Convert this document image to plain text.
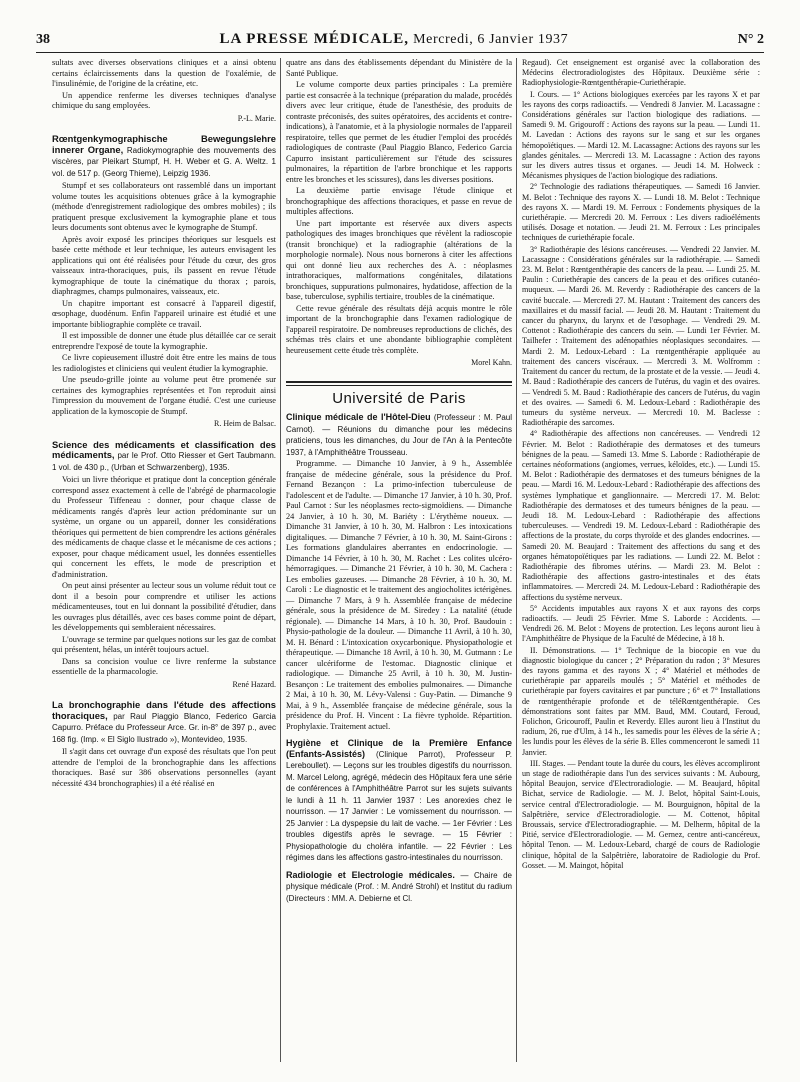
38	LA PRESSE MÉDICALE, Mercredi, 6 Janvier 1937	N° 2

sultats avec diverses observations cliniques et a ainsi obtenu certains éclaircissements dans la question de l'oxalémie, de l'insulinémie, de l'origine de la créatine, etc.

Un appendice renferme les diverses techniques d'analyse chimique du sang employées.

P.-L. Marie.

Rœntgenkymographische Bewegungslehre innerer Organe, Radiokymographie des mouvements des viscères, par Pleikart Stumpf, H. H. Weber et G. A. Weltz. 1 vol. de 517 p. (Georg Thieme), Leipzig 1936.

Stumpf et ses collaborateurs ont rassemblé dans un important volume toutes les acquisitions obtenues grâce à la kymographie (méthode d'enregistrement radiologique des ombres mobiles) ; ils pratiquent presque exclusivement la kymographie plane et tous leurs documents sont obtenus avec le kymographe de Stumpf.

Après avoir exposé les principes théoriques sur lesquels est basée cette méthode et leur technique, les auteurs envisagent les applications qui ont été réalisées pour l'étude du cœur, des gros vaisseaux intra-thoraciques, puis, ils passent en revue l'étude kymographique de toute la cinématique du thorax ; parois, diaphragmes, champs pulmonaires, vaisseaux, etc.

Un chapitre important est consacré à l'appareil digestif, œsophage, duodénum. Enfin l'appareil urinaire est étudié et une importante bibliographie complète ce travail.

Il est impossible de donner une étude plus détaillée car ce serait entreprendre l'exposé de toute la kymographie.

Ce livre copieusement illustré doit être entre les mains de tous les radiologistes et cliniciens qui veulent étudier la kymographie.

Une pseudo-grille jointe au volume peut être promenée sur certaines des kymographies représentées et l'on reproduit ainsi l'impression du mouvement de l'organe étudié. C'est une curieuse application de la kymoscopie de Stumpf.

R. Heim de Balsac.

Science des médicaments et classification des médicaments, par le Prof. Otto Riesser et Gert Taubmann. 1 vol. de 430 p., (Urban et Schwarzenberg), 1935.

Voici un livre théorique et pratique dont la conception générale correspond assez exactement à celle de l'abrégé de pharmacologie du Professeur Tiffeneau : donner, pour chaque classe de médicaments rangés d'après leur action prédominante sur un système, un organe ou un appareil, donner les considérations théoriques qui permettent de bien comprendre les actions générales des médicaments de chaque classe et le mécanisme de ces actions ; exposer, pour chaque médicament usuel, les données essentielles qui concernent les effets, le mode de prescription et d'administration.

On peut ainsi présenter au lecteur sous un volume réduit tout ce dont il a besoin pour comprendre et utiliser les actions médicamenteuses, tout en lui donnant la possibilité d'étudier, dans les ouvrages plus détaillés, avec ces bases comme point de départ, les développements qui sembleraient nécessaires.

L'ouvrage se termine par quelques notions sur les gaz de combat qui présentent, hélas, un intérêt toujours actuel.

Dans sa concision voulue ce livre renferme la substance essentielle de la pharmacologie.

René Hazard.

La bronchographie dans l'étude des affections thoraciques, par Raul Piaggio Blanco, Federico Garcia Capurro. Préface du Professeur Arce. Gr. in-8° de 397 p., avec 168 fig. (Imp. « El Siglo Ilustrado »), Montevideo, 1935.

Il s'agit dans cet ouvrage d'un exposé des résultats que l'on peut attendre de l'emploi de la bronchographie dans les affections thoraciques. Basé sur 386 observations personnelles (ayant nécessité 434 bronchographies) il a été réalisé en

quatre ans dans des établissements dépendant du Ministère de la Santé Publique.

Le volume comporte deux parties principales : La première partie est consacrée à la technique (préparation du malade, procédés divers avec leur critique, étude de l'anesthésie, des produits de contraste préconisés, des suites opératoires, des accidents et contre-indications), à l'anatomie, et à la physiologie normales de l'appareil respiratoire, telles que permet de les étudier l'emploi des procédés radiologiques de contraste (Paul Piaggio Blanco, Federico Garcia Capurro insistant particulièrement sur l'étude des scissures pulmonaires, la répartition de l'arbre bronchique et les rapports entre les bronches et les scissures), dans les diverses positions.

La deuxième partie envisage l'étude clinique et bronchographique des affections thoraciques, et passe en revue de multiples affections.

Une part importante est réservée aux divers aspects pathologiques des images bronchiques que révèlent la radioscopie (transit bronchique) et la radiographie (altérations de la morphologie normale). Nous nous bornerons à citer les affections qui ont donné lieu aux recherches des A. : néoplasmes intrathoraciques, malformations congénitales, dilatations bronchiques, suppurations pulmonaires, hydatidose, affection de la base, tuberculose, syphilis tertiaire, troubles de la cinématique.

Cette revue générale des résultats déjà acquis montre le rôle important de la bronchographie dans l'examen radiologique de l'appareil respiratoire. De nombreuses reproductions de clichés, des schémas très clairs et une abondante bibliographie complètent heureusement cette étude très complète.

Morel Kahn.

Université de Paris

Clinique médicale de l'Hôtel-Dieu (Professeur : M. Paul Carnot). — Réunions du dimanche pour les médecins praticiens, tous les dimanches, du Jour de l'An à la Pentecôte 1937, à l'Amphithéâtre Trousseau.

Programme. — Dimanche 10 Janvier, à 9 h., Assemblée française de médecine générale, sous la présidence du Prof. Fernand Bezançon : La primo-infection tuberculeuse de l'adolescent et de l'adulte. — Dimanche 17 Janvier, à 10 h. 30, Prof. Paul Carnot : Sur les néoplasmes recto-sigmoïdiens. — Dimanche 24 Janvier, à 10 h. 30, M. Bariéty : L'érythème noueux. — Dimanche 31 Janvier, à 10 h. 30, M. Halbron : Les intoxications digitaliques. — Dimanche 7 Février, à 10 h. 30, M. Saint-Girons : Les formations glandulaires aberrantes en endocrinologie. — Dimanche 14 Février, à 10 h. 30, M. Rachet : Les colites ulcéro-hémorragiques. — Dimanche 21 Février, à 10 h. 30, M. Cachera : Les embolies gazeuses. — Dimanche 28 Février, à 10 h. 30, M. Caroli : Le diagnostic et le traitement des angiocholites ictérigènes. — Dimanche 7 Mars, à 9 h. Assemblée française de médecine générale, sous la présidence de M. Siredey : La natalité (étude régionale). — Dimanche 14 Mars, à 10 h. 30, Prof. Baudouin : Physio-pathologie de la douleur. — Dimanche 11 Avril, à 10 h. 30, M. H. Bénard : L'intoxication oxycarbonique. Physiopathologie et thérapeutique. — Dimanche 18 Avril, à 10 h. 30, M. Gutmann : Le cancer ulcériforme de l'estomac. Diagnostic clinique et radiologique. — Dimanche 25 Avril, à 10 h. 30, M. Justin-Besançon : Le traitement des embolies pulmonaires. — Dimanche 2 Mai, à 10 h. 30, M. Lévy-Valensi : Guy-Patin. — Dimanche 9 Mai, à 9 h., Assemblée française de médecine générale, sous la présidence du Prof. H. Vincent : La fièvre typhoïde. Répartition. Prophylaxie. Traitement actuel.

Hygiène et Clinique de la Première Enfance (Enfants-Assistés) (Clinique Parrot), Professeur P. Lereboullet). — Leçons sur les troubles digestifs du nourrisson. M. Marcel Lelong, agrégé, médecin des Hôpitaux fera une série de conférences à l'Amphithéâtre Parrot sur les sujets suivants le lundi à 11 h. 11 Janvier 1937 : Les anorexies chez le nourrisson. — 17 Janvier : Le vomissement du nourrisson. — 25 Janvier : La dyspepsie du lait de vache. — 1er Février : Les troubles digestifs après le sevrage. — 15 Février : Physiopathologie du choléra infantile. — 22 Février : Les régimes dans les affections gastro-intestinales du nourrisson.

Radiologie et Electrologie médicales. — Chaire de physique médicale (Prof. : M. André Strohl) et Institut du radium (Directeurs : MM. A. Debierne et Cl.

Regaud). Cet enseignement est organisé avec la collaboration des Médecins électroradiologistes des Hôpitaux. Deuxième série : Radiophysiologie-Rœntgenthérapie-Curiethérapie.

I. Cours. — 1° Actions biologiques exercées par les rayons X et par les rayons des corps radioactifs. — Vendredi 8 Janvier. M. Lacassagne : Considérations générales sur l'action biologique des radiations. — Samedi 9. M. Grigouroff : Actions des rayons sur la peau. — Lundi 11. M. Lavedan : Actions des rayons sur le sang et sur les organes hémopoïétiques. — Mardi 12. M. Lacassagne: Actions des rayons sur les glandes génitales. — Mercredi 13. M. Lacassagne : Action des rayons sur les divers autres tissus et organes. — Jeudi 14. M. Holweck : Mécanismes physiques de l'action biologique des radiations.

2° Technologie des radiations thérapeutiques. — Samedi 16 Janvier. M. Belot : Technique des rayons X. — Lundi 18. M. Belot : Technique des rayons X. — Mardi 19. M. Ferroux : Fondements physiques de la curiethérapie. — Mercredi 20. M. Ferroux : Les divers radioéléments utilisés. Dosage et notation. — Jeudi 21. M. Ferroux : Les principales techniques de curiethérapie focale.

3° Radiothérapie des lésions cancéreuses. — Vendredi 22 Janvier. M. Lacassagne : Considérations générales sur la radiothérapie. — Samedi 23. M. Belot : Rœntgenthérapie des cancers de la peau. — Lundi 25. M. Paulin : Curiethérapie des cancers de la peau et des orifices cutanéo-muqueux. — Mardi 26. M. Reverdy : Radiothérapie des cancers de la cavité buccale. — Mercredi 27. M. Hautant : Traitement des cancers des maxillaires et du massif facial. — Jeudi 28. M. Hautant : Traitement du cancer du pharynx, du larynx et de l'œsophage. — Vendredi 29. M. Cottenot : Radiothérapie des cancers du sein. — Lundi 1er Février. M. Tailhefer : Traitement des adénopathies néoplasiques secondaires. — Mardi 2. M. Ledoux-Lebard : La rœntgenthérapie appliquée au traitement des cancers viscéraux. — Mercredi 3. M. Wolfromm : Traitement du cancer du rectum, de la prostate et de la vessie. — Jeudi 4. M. Baud : Radiothérapie des cancers de l'utérus, du vagin et des ovaires. — Vendredi 5. M. Baud : Radiothérapie des cancers de l'utérus, du vagin et des ovaires. — Samedi 6. M. Ledoux-Lebard : Radiothérapie des tumeurs du système nerveux. — Mercredi 10. M. Baclesse : Radiothérapie des sarcomes.

4° Radiothérapie des affections non cancéreuses. — Vendredi 12 Février. M. Belot : Radiothérapie des dermatoses et des tumeurs bénignes de la peau. — Samedi 13. Mme S. Laborde : Radiothérapie de certaines néoformations (angiomes, verrues, kéloïdes, etc.). — Lundi 15. M. Belot : Radiothérapie des dermatoses et des tumeurs bénignes de la peau. — Mardi 16. M. Ledoux-Lebard : Radiothérapie des affections des systèmes lymphatique et ganglionnaire. — Mercredi 17. M. Belot: Radiothérapie des dermatoses et des tumeurs bénignes de la peau. — Jeudi 18. M. Ledoux-Lebard : Radiothérapie des affections tuberculeuses. — Vendredi 19. M. Ledoux-Lebard : Radiothérapie des affections de la prostate, du corps thyroïde et des glandes endocrines. — Samedi 20. M. Beaujard : Traitement des affections du sang et des organes hématopoïétiques par les radiations. — Lundi 22. M. Belot : Radiothérapie des fibromes utérins. — Mardi 23. M. Belot : Radiothérapie des affections gastro-intestinales et des états inflammatoires. — Mercredi 24. M. Ledoux-Lebard : Radiothérapie des affections du système nerveux.

5° Accidents imputables aux rayons X et aux rayons des corps radioactifs. — Jeudi 25 Février. Mme S. Laborde : Accidents. — Vendredi 26. M. Belot : Moyens de protection. Les leçons auront lieu à l'Amphithéâtre de Physique de la Faculté de Médecine, à 18 h.

II. Démonstrations. — 1° Technique de la biocopie en vue du diagnostic biologique du cancer ; 2° Préparation du radon ; 3° Mesures des rayons gamma et des rayons X ; 4° Matériel et méthodes de curiethérapie par appareils moulés ; 5° Matériel et méthodes de curiethérapie par foyers cavitaires et par puncture ; 6° et 7° Installations de rœntgenthérapie profonde et de téléRœntgenthérapie. Ces démonstrations sont faites par MM. Baud, MM. Coutard, Feroud, Folichon, Gricouroff, Paulin et Reverdy. Elles auront lieu à l'Institut du radium, 26, rue d'Ulm, à 14 h., les samedis pour les élèves de la série A ; les lundis pour les élèves de la série B. Elles commenceront le samedi 11 Janvier.

III. Stages. — Pendant toute la durée du cours, les élèves accompliront un stage de radiothérapie dans l'un des services suivants : M. Aubourg, hôpital Beaujon, service d'Electroradiologie. — M. Beaujard, hôpital Bichat, service de Radiologie. — M. J. Belot, hôpital Saint-Louis, service central d'Electroradiologie. — M. Bourguignon, hôpital de la Salpêtrière, service d'Electroradiologie. — M. Cottenot, hôpital Broussais, service d'Electroradiographie. — M. Delherm, hôpital de la Pitié, service d'Electroradiologie. — M. Gernez, centre anti-cancéreux, hôpital Tenon. — M. Ledoux-Lebard, chargé de cours de Radiologie clinique, hôpital de la Salpêtrière, laboratoire de Radiologie du Prof. Gosset. — M. Maingot, hôpital
